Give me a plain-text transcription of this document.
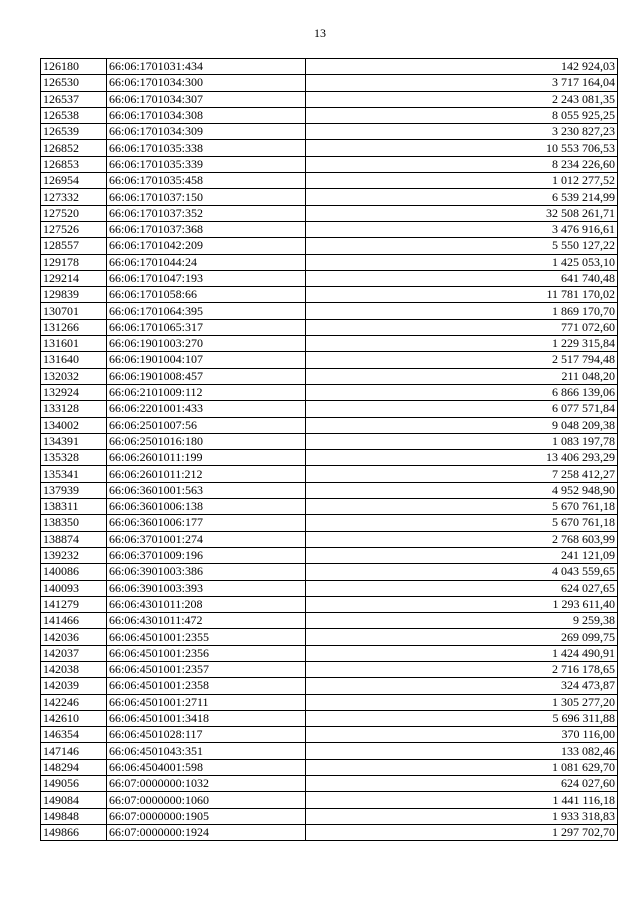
13
126180	66:06:1701031:434	142 924,03
126530	66:06:1701034:300	3 717 164,04
126537	66:06:1701034:307	2 243 081,35
126538	66:06:1701034:308	8 055 925,25
126539	66:06:1701034:309	3 230 827,23
126852	66:06:1701035:338	10 553 706,53
126853	66:06:1701035:339	8 234 226,60
126954	66:06:1701035:458	1 012 277,52
127332	66:06:1701037:150	6 539 214,99
127520	66:06:1701037:352	32 508 261,71
127526	66:06:1701037:368	3 476 916,61
128557	66:06:1701042:209	5 550 127,22
129178	66:06:1701044:24	1 425 053,10
129214	66:06:1701047:193	641 740,48
129839	66:06:1701058:66	11 781 170,02
130701	66:06:1701064:395	1 869 170,70
131266	66:06:1701065:317	771 072,60
131601	66:06:1901003:270	1 229 315,84
131640	66:06:1901004:107	2 517 794,48
132032	66:06:1901008:457	211 048,20
132924	66:06:2101009:112	6 866 139,06
133128	66:06:2201001:433	6 077 571,84
134002	66:06:2501007:56	9 048 209,38
134391	66:06:2501016:180	1 083 197,78
135328	66:06:2601011:199	13 406 293,29
135341	66:06:2601011:212	7 258 412,27
137939	66:06:3601001:563	4 952 948,90
138311	66:06:3601006:138	5 670 761,18
138350	66:06:3601006:177	5 670 761,18
138874	66:06:3701001:274	2 768 603,99
139232	66:06:3701009:196	241 121,09
140086	66:06:3901003:386	4 043 559,65
140093	66:06:3901003:393	624 027,65
141279	66:06:4301011:208	1 293 611,40
141466	66:06:4301011:472	9 259,38
142036	66:06:4501001:2355	269 099,75
142037	66:06:4501001:2356	1 424 490,91
142038	66:06:4501001:2357	2 716 178,65
142039	66:06:4501001:2358	324 473,87
142246	66:06:4501001:2711	1 305 277,20
142610	66:06:4501001:3418	5 696 311,88
146354	66:06:4501028:117	370 116,00
147146	66:06:4501043:351	133 082,46
148294	66:06:4504001:598	1 081 629,70
149056	66:07:0000000:1032	624 027,60
149084	66:07:0000000:1060	1 441 116,18
149848	66:07:0000000:1905	1 933 318,83
149866	66:07:0000000:1924	1 297 702,70
